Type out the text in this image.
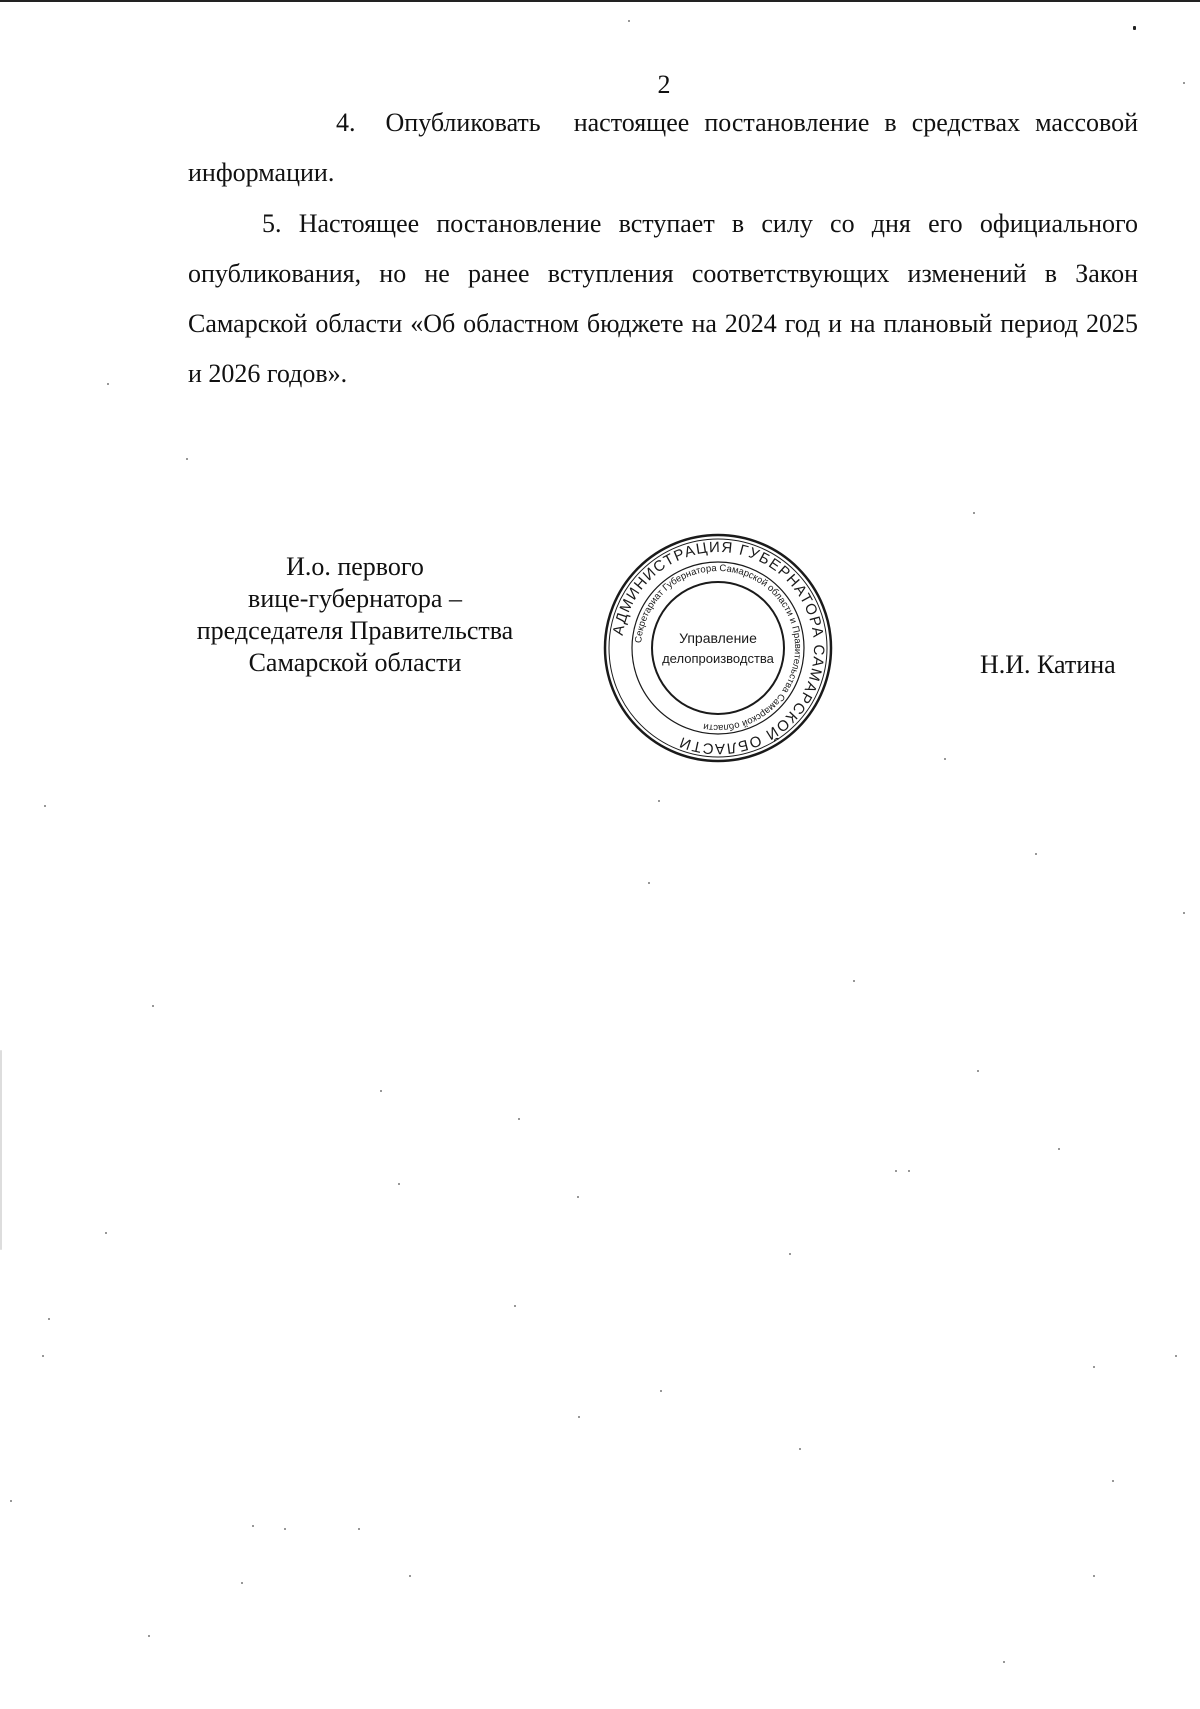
2

4. Опубликовать настоящее постановление в средствах массовой информации.

5. Настоящее постановление вступает в силу со дня его официального опубликования, но не ранее вступления соответствующих изменений в Закон Самарской области «Об областном бюджете на 2024 год и на плановый период 2025 и 2026 годов».

И.о. первого
вице-губернатора –
председателя Правительства
Самарской области
АДМИНИСТРАЦИЯ ГУБЕРНАТОРА САМАРСКОЙ ОБЛАСТИ
Секретариат Губернатора Самарской области и Правительства Самарской области
Управление
делопроизводства	Н.И. Катина
